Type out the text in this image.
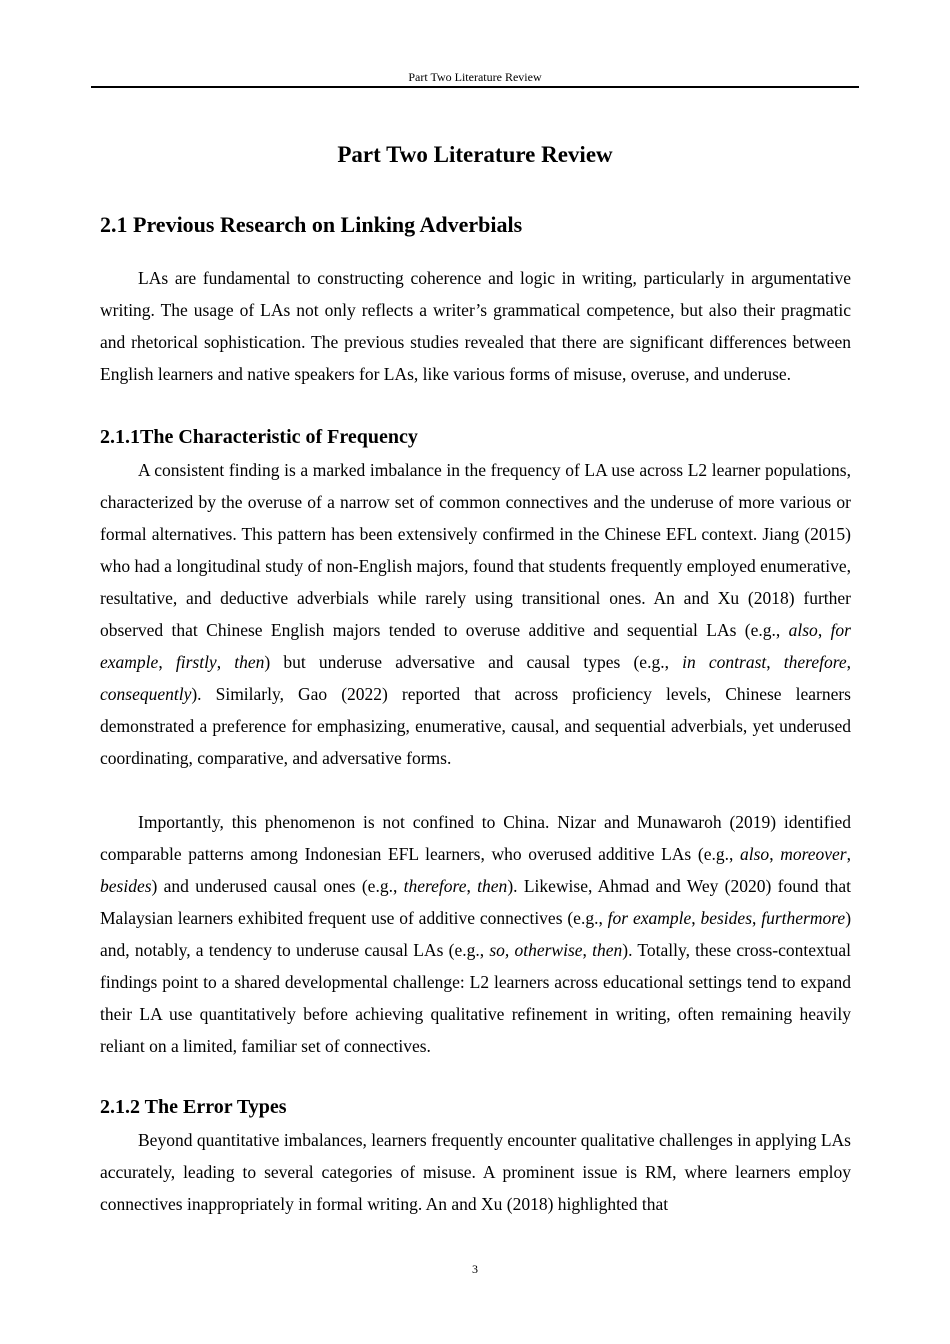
Part Two Literature Review
Part Two Literature Review
2.1 Previous Research on Linking Adverbials

LAs are fundamental to constructing coherence and logic in writing, particularly in argumentative writing. The usage of LAs not only reflects a writer’s grammatical competence, but also their pragmatic and rhetorical sophistication. The previous studies revealed that there are significant differences between English learners and native speakers for LAs, like various forms of misuse, overuse, and underuse.

2.1.1The Characteristic of Frequency

A consistent finding is a marked imbalance in the frequency of LA use across L2 learner populations, characterized by the overuse of a narrow set of common connectives and the underuse of more various or formal alternatives. This pattern has been extensively confirmed in the Chinese EFL context. Jiang (2015) who had a longitudinal study of non-English majors, found that students frequently employed enumerative, resultative, and deductive adverbials while rarely using transitional ones. An and Xu (2018) further observed that Chinese English majors tended to overuse additive and sequential LAs (e.g., also, for example, firstly, then) but underuse adversative and causal types (e.g., in contrast, therefore, consequently). Similarly, Gao (2022) reported that across proficiency levels, Chinese learners demonstrated a preference for emphasizing, enumerative, causal, and sequential adverbials, yet underused coordinating, comparative, and adversative forms.

Importantly, this phenomenon is not confined to China. Nizar and Munawaroh (2019) identified comparable patterns among Indonesian EFL learners, who overused additive LAs (e.g., also, moreover, besides) and underused causal ones (e.g., therefore, then). Likewise, Ahmad and Wey (2020) found that Malaysian learners exhibited frequent use of additive connectives (e.g., for example, besides, furthermore) and, notably, a tendency to underuse causal LAs (e.g., so, otherwise, then). Totally, these cross-contextual findings point to a shared developmental challenge: L2 learners across educational settings tend to expand their LA use quantitatively before achieving qualitative refinement in writing, often remaining heavily reliant on a limited, familiar set of connectives.

2.1.2 The Error Types

Beyond quantitative imbalances, learners frequently encounter qualitative challenges in applying LAs accurately, leading to several categories of misuse. A prominent issue is RM, where learners employ connectives inappropriately in formal writing. An and Xu (2018) highlighted that

3
